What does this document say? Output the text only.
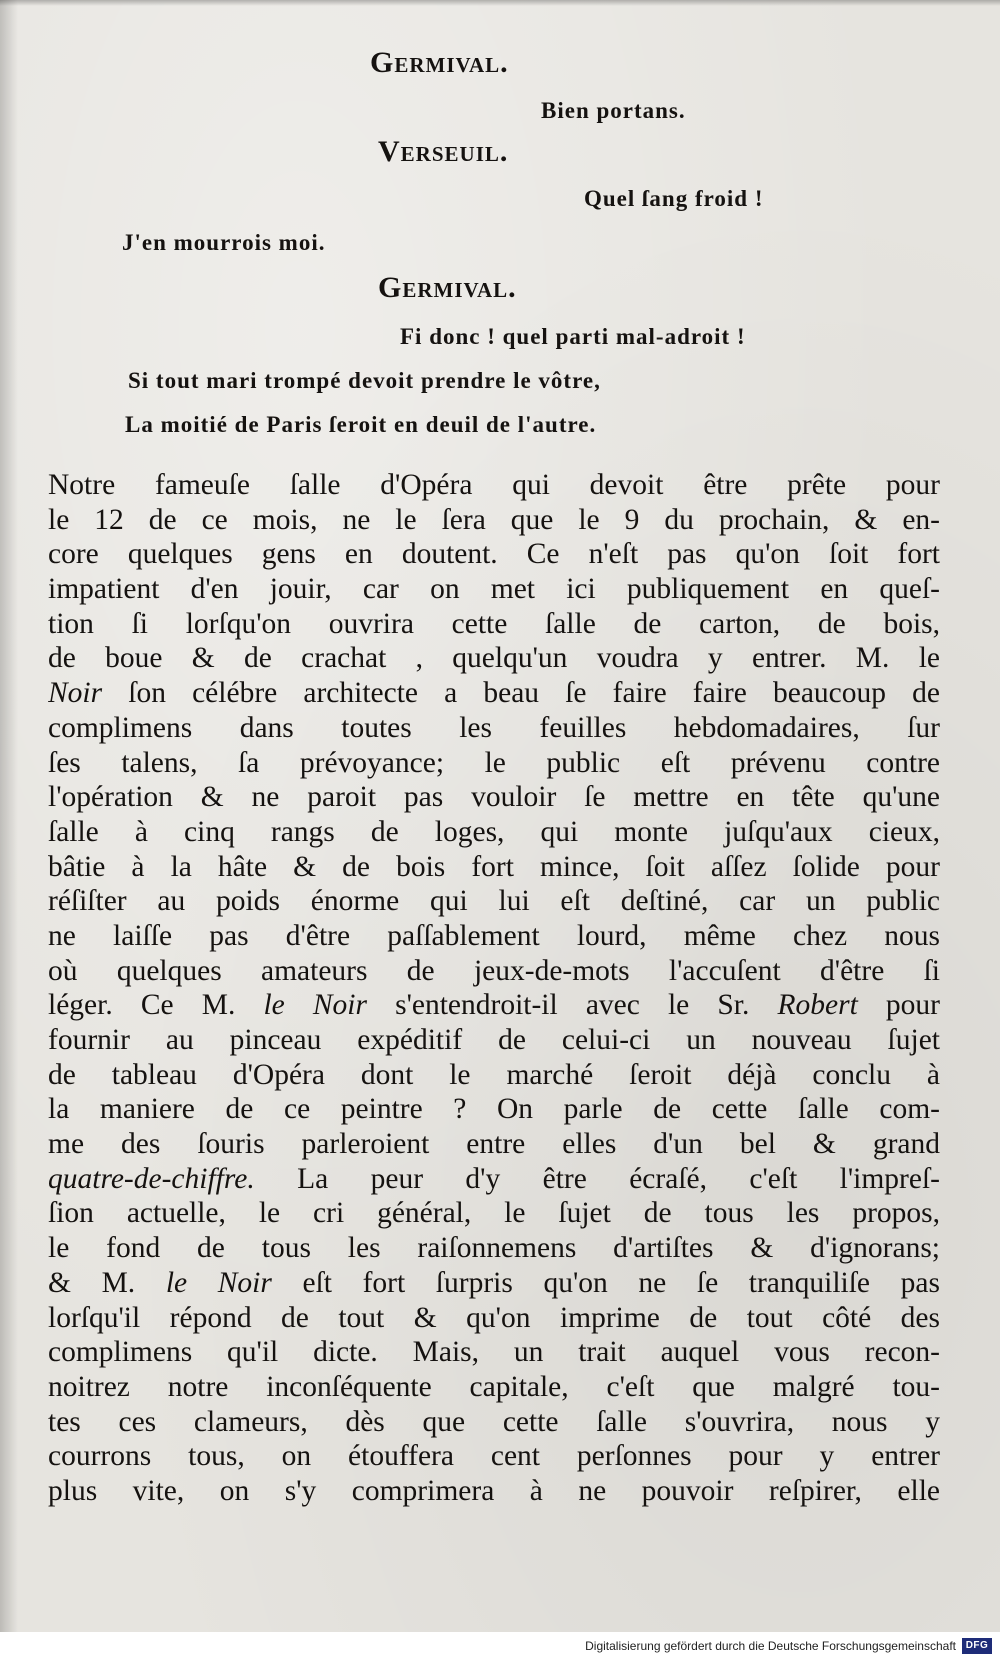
Germival.

Bien portans.

Verseuil.

Quel ſang froid !

J'en mourrois moi.

Germival.

Fi donc ! quel parti mal-adroit !

Si tout mari trompé devoit prendre le vôtre,

La moitié de Paris ſeroit en deuil de l'autre.

Notre fameuſe ſalle d'Opéra qui devoit être prête pour
le 12 de ce mois, ne le ſera que le 9 du prochain, & en-
core quelques gens en doutent. Ce n'eſt pas qu'on ſoit fort
impatient d'en jouir, car on met ici publiquement en queſ-
tion ſi lorſqu'on ouvrira cette ſalle de carton, de bois,
de boue & de crachat , quelqu'un voudra y entrer. M. le
Noir ſon célébre architecte a beau ſe faire faire beaucoup de
complimens dans toutes les feuilles hebdomadaires, ſur
ſes talens, ſa prévoyance; le public eſt prévenu contre
l'opération & ne paroit pas vouloir ſe mettre en tête qu'une
ſalle à cinq rangs de loges, qui monte juſqu'aux cieux,
bâtie à la hâte & de bois fort mince, ſoit aſſez ſolide pour
réſiſter au poids énorme qui lui eſt deſtiné, car un public
ne laiſſe pas d'être paſſablement lourd, même chez nous
où quelques amateurs de jeux-de-mots l'accuſent d'être ſi
léger. Ce M. le Noir s'entendroit-il avec le Sr. Robert pour
fournir au pinceau expéditif de celui-ci un nouveau ſujet
de tableau d'Opéra dont le marché ſeroit déjà conclu à
la maniere de ce peintre ? On parle de cette ſalle com-
me des ſouris parleroient entre elles d'un bel & grand
quatre-de-chiffre. La peur d'y être écraſé, c'eſt l'impreſ-
ſion actuelle, le cri général, le ſujet de tous les propos,
le fond de tous les raiſonnemens d'artiſtes & d'ignorans;
& M. le Noir eſt fort ſurpris qu'on ne ſe tranquiliſe pas
lorſqu'il répond de tout & qu'on imprime de tout côté des
complimens qu'il dicte. Mais, un trait auquel vous recon-
noitrez notre inconſéquente capitale, c'eſt que malgré tou-
tes ces clameurs, dès que cette ſalle s'ouvrira, nous y
courrons tous, on étouffera cent perſonnes pour y entrer
plus vite, on s'y comprimera à ne pouvoir reſpirer, elle
Digitalisierung gefördert durch die Deutsche Forschungsgemeinschaft DFG
